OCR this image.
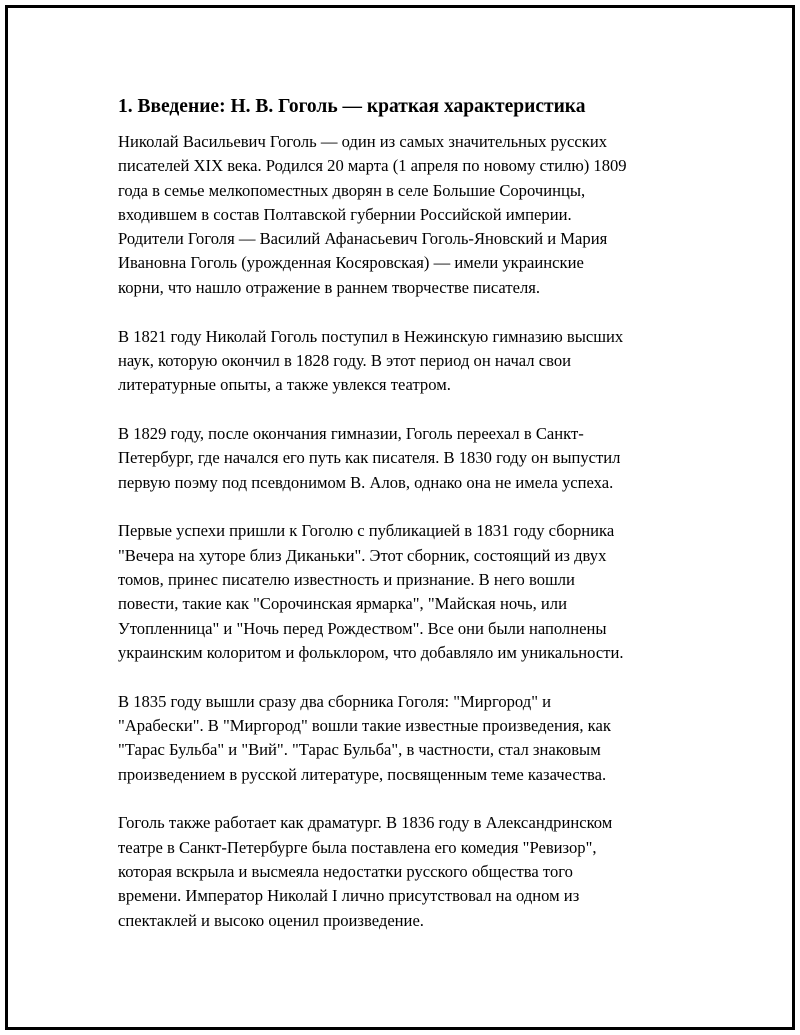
1. Введение: Н. В. Гоголь — краткая характеристика

Николай Васильевич Гоголь — один из самых значительных русских
писателей XIX века. Родился 20 марта (1 апреля по новому стилю) 1809
года в семье мелкопоместных дворян в селе Большие Сорочинцы,
входившем в состав Полтавской губернии Российской империи.
Родители Гоголя — Василий Афанасьевич Гоголь-Яновский и Мария
Ивановна Гоголь (урожденная Косяровская) — имели украинские
корни, что нашло отражение в раннем творчестве писателя.

В 1821 году Николай Гоголь поступил в Нежинскую гимназию высших
наук, которую окончил в 1828 году. В этот период он начал свои
литературные опыты, а также увлекся театром.

В 1829 году, после окончания гимназии, Гоголь переехал в Санкт-
Петербург, где начался его путь как писателя. В 1830 году он выпустил
первую поэму под псевдонимом В. Алов, однако она не имела успеха.

Первые успехи пришли к Гоголю с публикацией в 1831 году сборника
"Вечера на хуторе близ Диканьки". Этот сборник, состоящий из двух
томов, принес писателю известность и признание. В него вошли
повести, такие как "Сорочинская ярмарка", "Майская ночь, или
Утопленница" и "Ночь перед Рождеством". Все они были наполнены
украинским колоритом и фольклором, что добавляло им уникальности.

В 1835 году вышли сразу два сборника Гоголя: "Миргород" и
"Арабески". В "Миргород" вошли такие известные произведения, как
"Тарас Бульба" и "Вий". "Тарас Бульба", в частности, стал знаковым
произведением в русской литературе, посвященным теме казачества.

Гоголь также работает как драматург. В 1836 году в Александринском
театре в Санкт-Петербурге была поставлена его комедия "Ревизор",
которая вскрыла и высмеяла недостатки русского общества того
времени. Император Николай I лично присутствовал на одном из
спектаклей и высоко оценил произведение.
